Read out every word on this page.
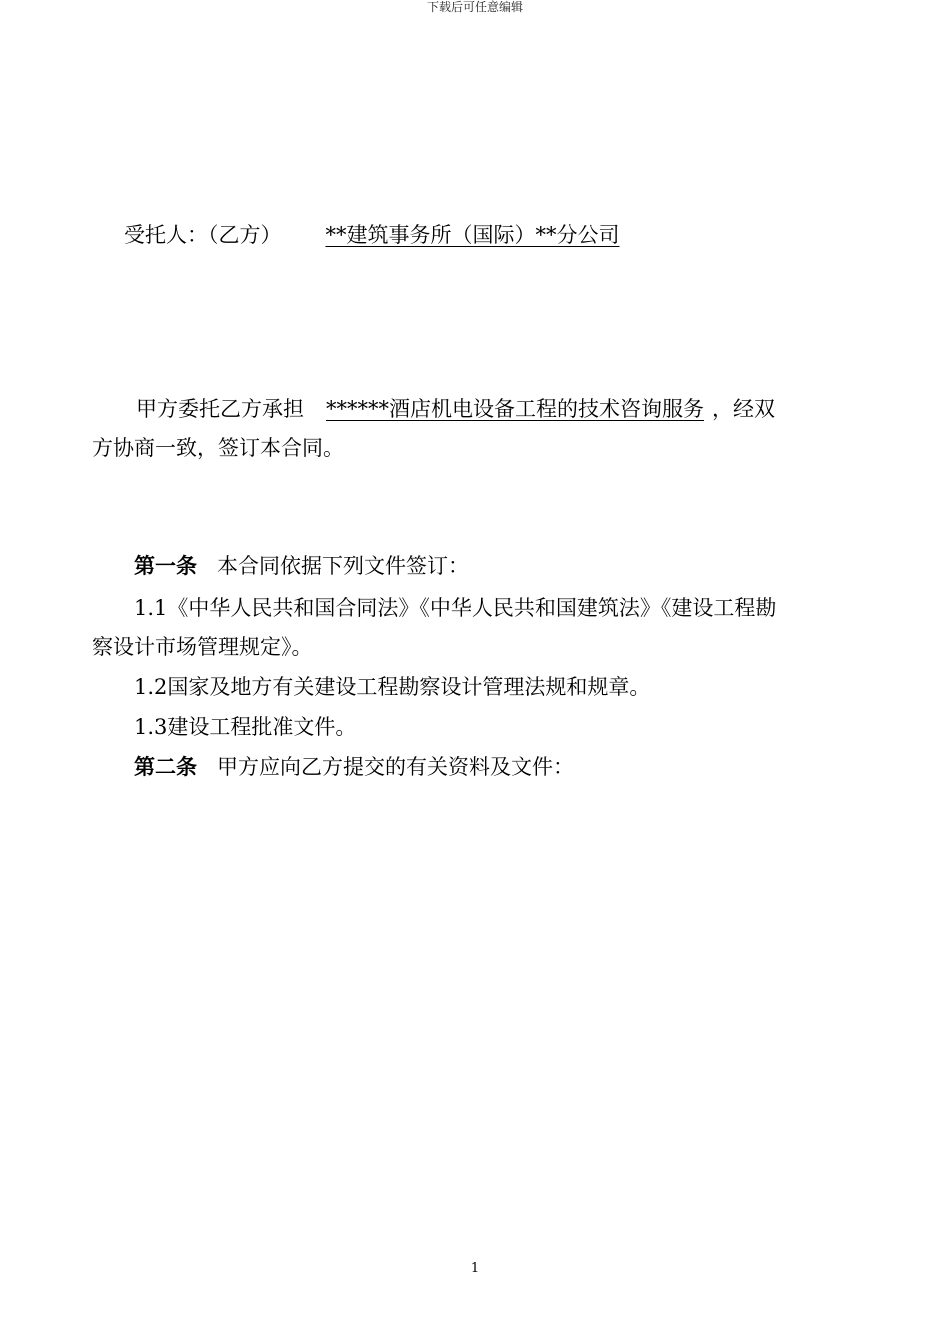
下载后可任意编辑
受托人：（乙方） **建筑事务所（国际）**分公司
甲方委托乙方承担 ******酒店机电设备工程的技术咨询服务 ，经双
方协商一致，签订本合同。
第一条 本合同依据下列文件签订：
1.1《中华人民共和国合同法》《中华人民共和国建筑法》《建设工程勘
察设计市场管理规定》。
1.2国家及地方有关建设工程勘察设计管理法规和规章。
1.3建设工程批准文件。
第二条 甲方应向乙方提交的有关资料及文件：
1
